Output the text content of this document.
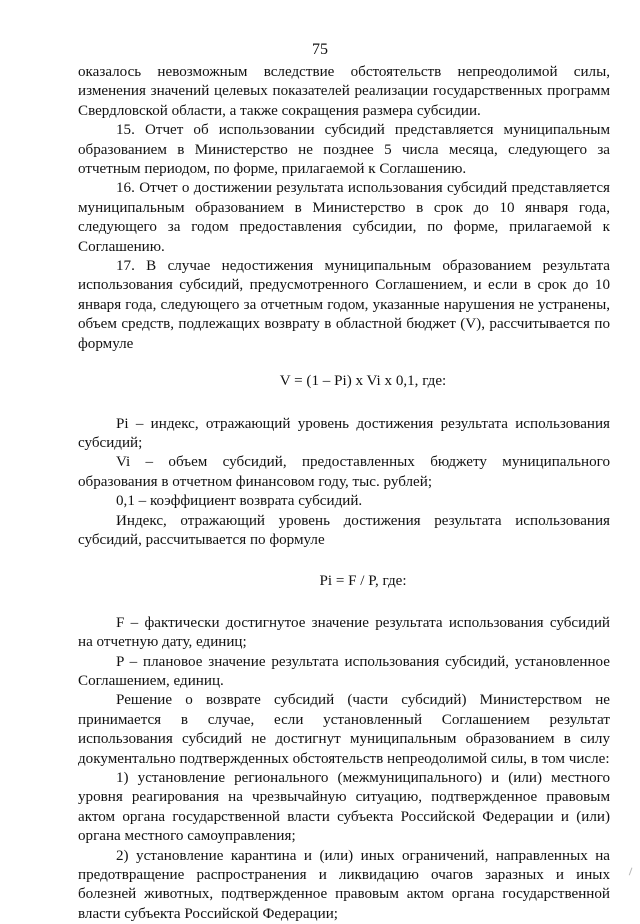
75

оказалось невозможным вследствие обстоятельств непреодолимой силы, изменения значений целевых показателей реализации государственных программ Свердловской области, а также сокращения размера субсидии.

15. Отчет об использовании субсидий представляется муниципальным образованием в Министерство не позднее 5 числа месяца, следующего за отчетным периодом, по форме, прилагаемой к Соглашению.

16. Отчет о достижении результата использования субсидий представляется муниципальным образованием в Министерство в срок до 10 января года, следующего за годом предоставления субсидии, по форме, прилагаемой к Соглашению.

17. В случае недостижения муниципальным образованием результата использования субсидий, предусмотренного Соглашением, и если в срок до 10 января года, следующего за отчетным годом, указанные нарушения не устранены, объем средств, подлежащих возврату в областной бюджет (V), рассчитывается по формуле

V = (1 – Pi) x Vi x 0,1, где:

Pi – индекс, отражающий уровень достижения результата использования субсидий;

Vi – объем субсидий, предоставленных бюджету муниципального образования в отчетном финансовом году, тыс. рублей;

0,1 – коэффициент возврата субсидий.

Индекс, отражающий уровень достижения результата использования субсидий, рассчитывается по формуле

Pi = F / P, где:

F – фактически достигнутое значение результата использования субсидий на отчетную дату, единиц;

P – плановое значение результата использования субсидий, установленное Соглашением, единиц.

Решение о возврате субсидий (части субсидий) Министерством не принимается в случае, если установленный Соглашением результат использования субсидий не достигнут муниципальным образованием в силу документально подтвержденных обстоятельств непреодолимой силы, в том числе:

1) установление регионального (межмуниципального) и (или) местного уровня реагирования на чрезвычайную ситуацию, подтвержденное правовым актом органа государственной власти субъекта Российской Федерации и (или) органа местного самоуправления;

2) установление карантина и (или) иных ограничений, направленных на предотвращение распространения и ликвидацию очагов заразных и иных болезней животных, подтвержденное правовым актом органа государственной власти субъекта Российской Федерации;
